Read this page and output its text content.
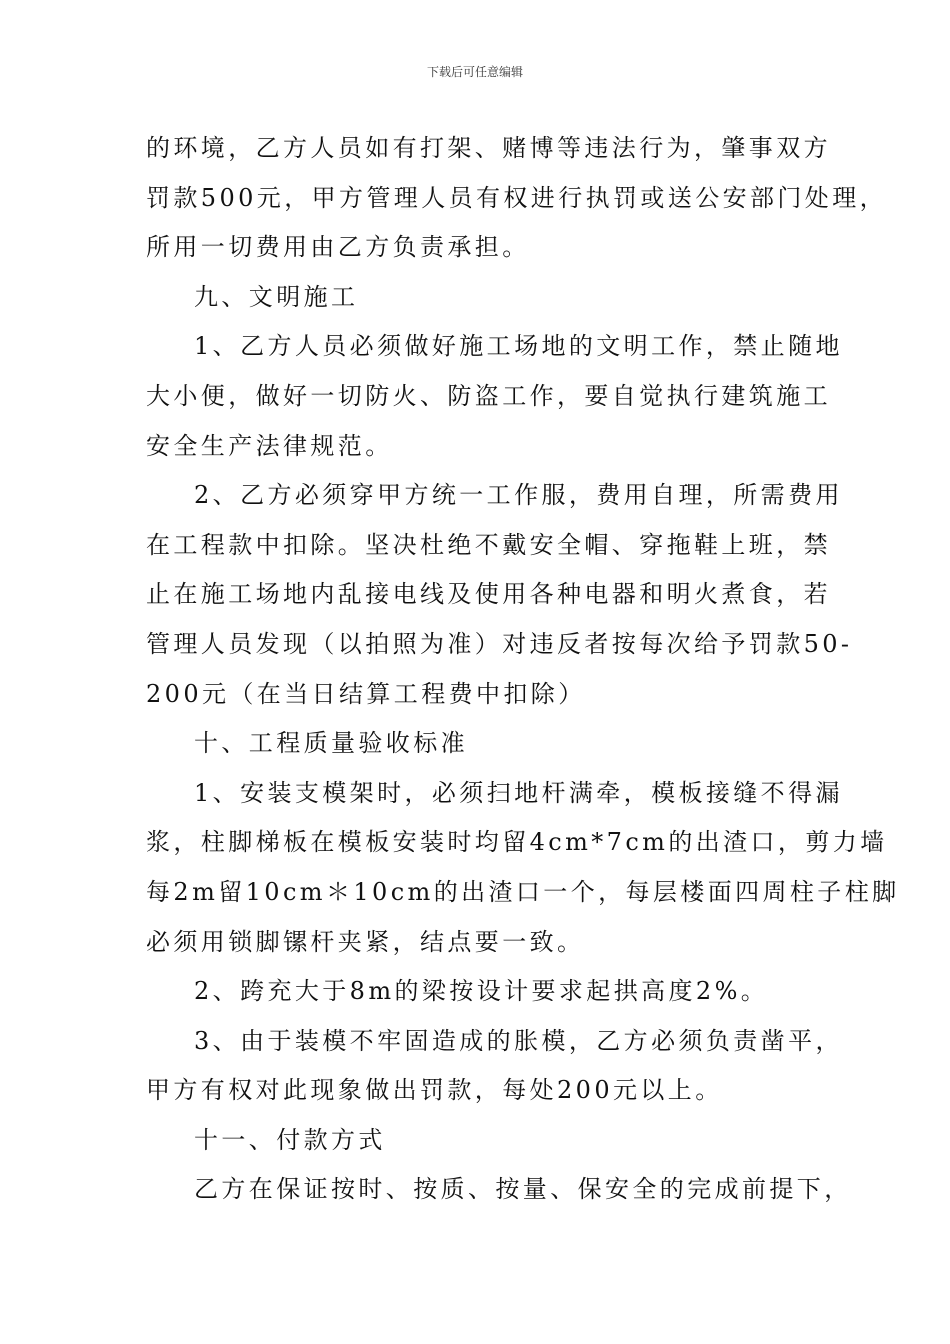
下载后可任意编辑
的环境，乙方人员如有打架、赌博等违法行为，肇事双方
罚款500元，甲方管理人员有权进行执罚或送公安部门处理，
所用一切费用由乙方负责承担。
九、文明施工
1、乙方人员必须做好施工场地的文明工作，禁止随地
大小便，做好一切防火、防盗工作，要自觉执行建筑施工
安全生产法律规范。
2、乙方必须穿甲方统一工作服，费用自理，所需费用
在工程款中扣除。坚决杜绝不戴安全帽、穿拖鞋上班，禁
止在施工场地内乱接电线及使用各种电器和明火煮食，若
管理人员发现（以拍照为准）对违反者按每次给予罚款50-
200元（在当日结算工程费中扣除）
十、工程质量验收标准
1、安装支模架时，必须扫地杆满牵，模板接缝不得漏
浆，柱脚梯板在模板安装时均留4cm*7cm的出渣口，剪力墙
每2m留10cm＊10cm的出渣口一个，每层楼面四周柱子柱脚
必须用锁脚镙杆夹紧，结点要一致。
2、跨充大于8m的梁按设计要求起拱高度2%。
3、由于装模不牢固造成的胀模，乙方必须负责凿平，
甲方有权对此现象做出罚款，每处200元以上。
十一、付款方式
乙方在保证按时、按质、按量、保安全的完成前提下，
